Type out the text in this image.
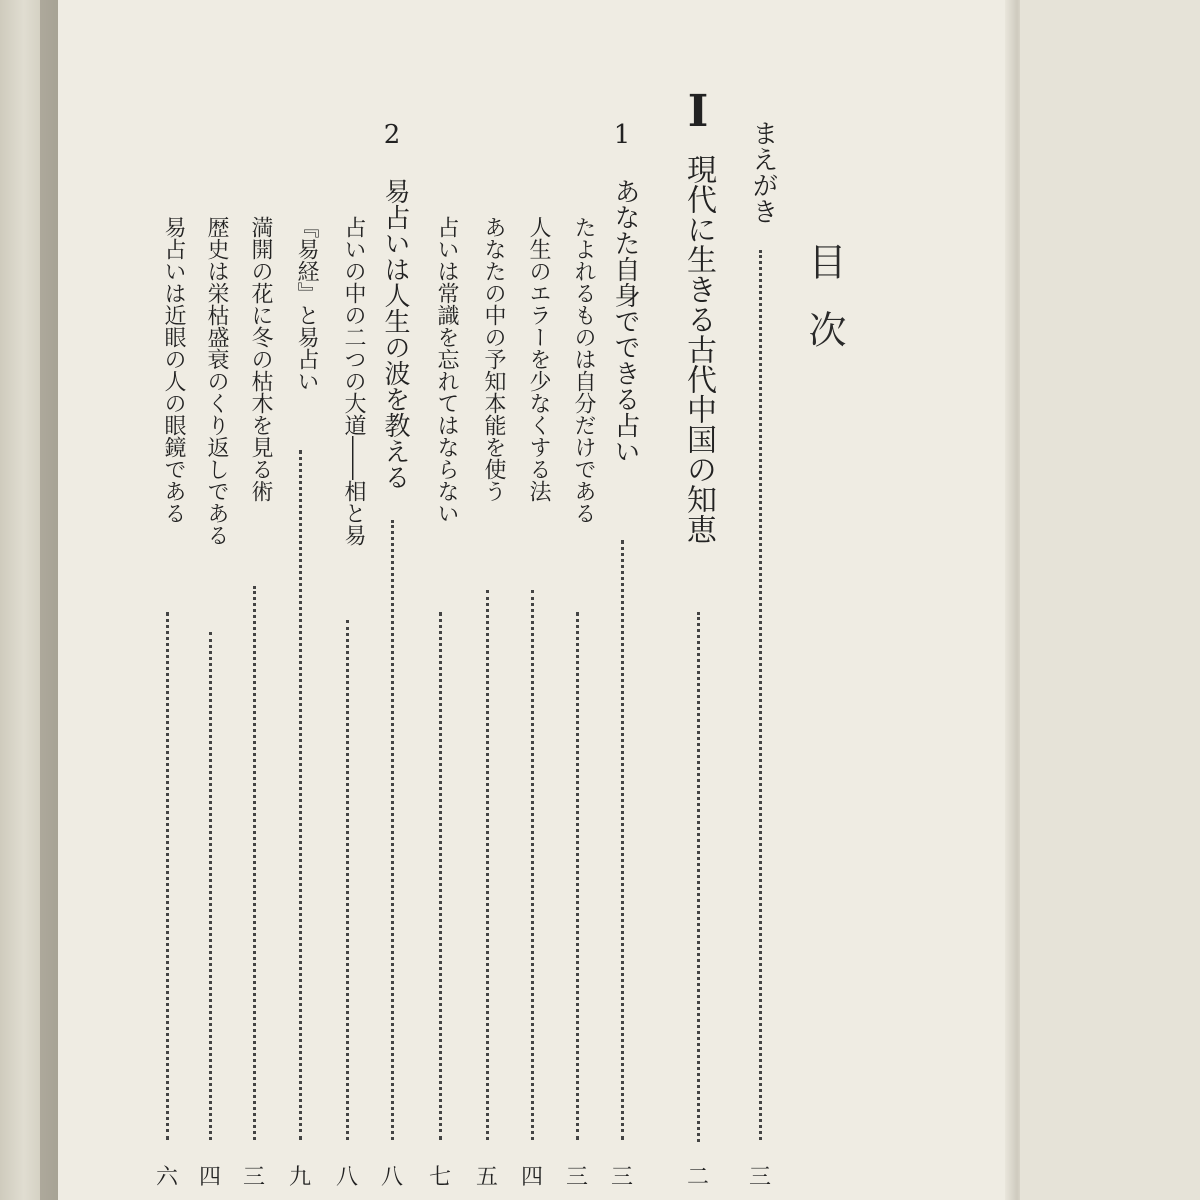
目次
まえがき
三
I
現代に生きる古代中国の知恵
二
1
あなた自身でできる占い
三
たよれるものは自分だけである
三
人生のエラーを少なくする法
四
あなたの中の予知本能を使う
五
占いは常識を忘れてはならない
七
2
易占いは人生の波を教える
八
占いの中の二つの大道――相と易
八
『易経』と易占い
九
満開の花に冬の枯木を見る術
三
歴史は栄枯盛衰のくり返しである
四
易占いは近眼の人の眼鏡である
六
